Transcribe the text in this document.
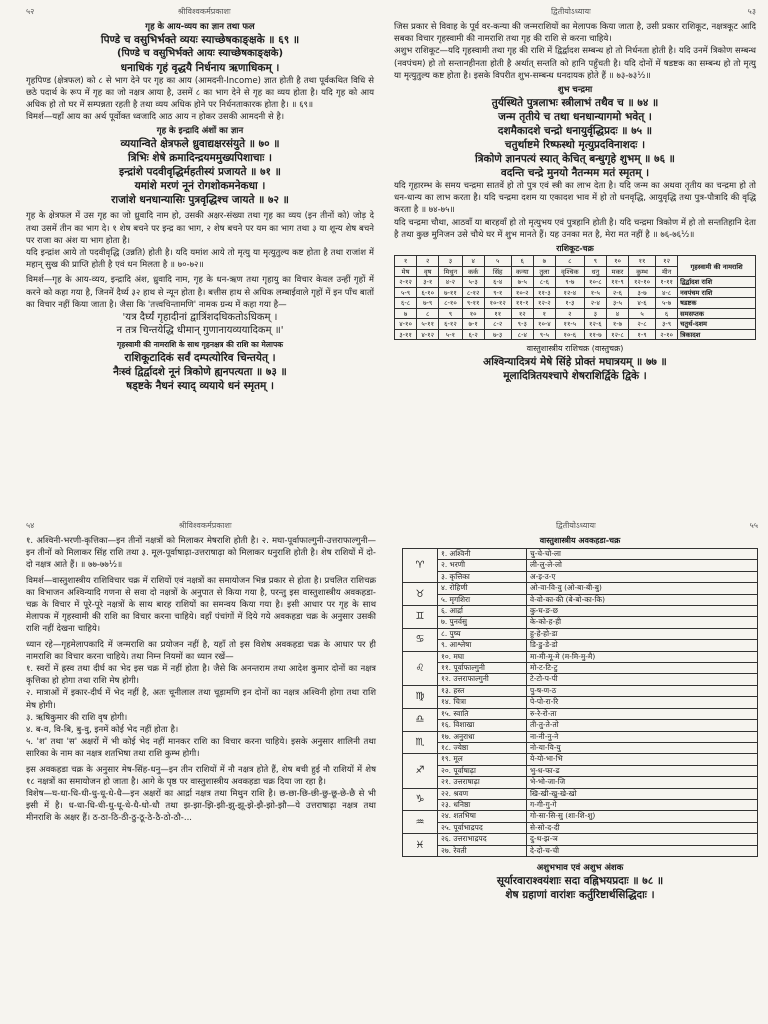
५२	श्रीविश्वकर्मप्रकाशः
गृह के आय-व्यय का ज्ञान तथा फल

पिण्डे च वसुभिर्भक्ते व्ययः स्याच्छेषकाङ्क्षके ॥ ६९ ॥

(पिण्डे च वसुभिर्भक्ते आयः स्याच्छेषकाङ्क्षके)

धनाधिकं गृहं वृद्धयै निर्धनाय ऋणाधिकम् ।

गृहपिण्ड (क्षेत्रफल) को ८ से भाग देने पर गृह का आय (आमदनी-Income) ज्ञात होती है तथा पूर्वकथित विधि से छठे पदार्थ के रूप में गृह का जो नक्षत्र आया है, उसमें ८ का भाग देने से गृह का व्यय होता है। यदि गृह को आय अधिक हो तो घर में सम्पन्नता रहती है तथा व्यय अधिक होने पर निर्धनताकारक होता है। ॥ ६९॥

विमर्श—यहाँ आय का अर्थ पूर्वोक्त ध्वजादि आठ आय न होकर उसकी आमदनी से है।

गृह के इन्द्रादि अंशों का ज्ञान

व्ययान्विते क्षेत्रफले ध्रुवाद्यक्षरसंयुते ॥ ७० ॥

त्रिभिः शेषे क्रमादिन्द्रयममुख्यपिशाचाः ।

इन्द्रांशे पदवीवृद्धिर्महतीस्यं प्रजायते ॥ ७१ ॥

यमांशे मरणं नूनं रोगशोकमनेकधा ।

राजांशे धनधान्यासिः पुत्रवृद्धिश्च जायते ॥ ७२ ॥

गृह के क्षेत्रफल में उस गृह का जो ध्रुवादि नाम हो, उसकी अक्षर-संख्या तथा गृह का व्यय (इन तीनों को) जोड़ दे तथा उसमें तीन का भाग दे। १ शेष बचने पर इन्द्र का भाग, २ शेष बचने पर यम का भाग तथा ३ या शून्य शेष बचने पर राजा का अंश या भाग होता है।

यदि इन्द्रांश आये तो पदवीवृद्धि (उन्नति) होती है। यदि यमांश आये तो मृत्यु या मृत्युतुल्य कष्ट होता है तथा राजांश में महान् सुख की प्राप्ति होती है एवं धन मिलता है ॥ ७०-७२॥

विमर्श—गृह के आय-व्यय, इन्द्रादि अंश, ध्रुवादि नाम, गृह के धन-ऋण तथा गृहायु का विचार केवल उन्हीं गृहों में करने को कहा गया है, जिनमें दैर्घ्य ३२ हाथ से न्यून होता है। बत्तीस हाथ से अधिक लम्बाईवाले गृहों में इन पाँच बातों का विचार नहीं किया जाता है। जैसा कि 'तत्त्वचिन्तामणि' नामक ग्रन्थ में कहा गया है—

'यत्र दैर्घ्यं गृहादीनां द्वात्रिंशदधिकतोऽधिकम् ।

न तत्र चिन्तयेद्धि धीमान् गुणानायव्ययादिकम् ॥'

गृहस्वामी की नामराशि के साथ गृहनक्षत्र की राशि का मेलापक

राशिकूटादिकं सर्वं दम्पत्योरिव चिन्तयेत् ।

नैःस्वं द्विर्द्वादशे नूनं त्रिकोणे ह्यनपत्यता ॥ ७३ ॥

षड्ष्टके नैधनं स्याद् व्ययाये धनं स्मृतम् ।

द्वितीयोऽध्यायः	५३

जिस प्रकार से विवाह के पूर्व वर-कन्या की जन्मराशियों का मेलापक किया जाता है, उसी प्रकार राशिकूट, नक्षत्रकूट आदि सबका विचार गृहस्वामी की नामराशि तथा गृह की राशि से करना चाहिये।

अशुभ राशिकूट—यदि गृहस्वामी तथा गृह की राशि में द्विर्द्वादश सम्बन्ध हो तो निर्धनता होती है। यदि उनमें त्रिकोण सम्बन्ध (नवपंचम) हो तो सन्तानहीनता होती है अर्थात् सन्तति को हानि पहुँचती है। यदि दोनों में षडष्टक का सम्बन्ध हो तो मृत्यु या मृत्युतुल्य कष्ट होता है। इसके विपरीत शुभ-सम्बन्ध धनदायक होते हैं ॥ ७३-७३½॥

शुभ चन्द्रमा

तुर्यस्थिते पुत्रलाभः स्त्रीलाभं तथैव च ॥ ७४ ॥

जन्म तृतीये च तथा धनधान्यागमो भवेत् ।

दशमैकादशे चन्द्रो धनायुर्वृद्धिप्रदः ॥ ७५ ॥

चतुर्थाष्टमे रिष्फस्थो मृत्युप्रदविनाशदः ।

त्रिकोणे ज्ञानपत्यं स्यात् केचित् बन्धुगृहे शुभम् ॥ ७६ ॥

वदन्ति चन्द्रे मुनयो नैतन्मम मतं स्मृतम् ।

यदि गृहारम्भ के समय चन्द्रमा सातवें हो तो पुत्र एवं स्त्री का लाभ देता है। यदि जन्म का अथवा तृतीय का चन्द्रमा हो तो धन-धान्य का लाभ करता है। यदि चन्द्रमा दशम या एकादश भाव में हो तो धनवृद्धि, आयुवृद्धि तथा पुत्र-पौत्रादि की वृद्धि करता है ॥ ७४-७५॥

यदि चन्द्रमा चौथा, आठवाँ या बारहवाँ हो तो मृत्युभय एवं पुत्रहानि होती है। यदि चन्द्रमा त्रिकोण में हो तो सन्ततिहानि देता है तथा कुछ मुनिजन उसे चौथे घर में शुभ मानते हैं। यह उनका मत है, मेरा मत नहीं है ॥ ७६-७६½॥

राशिकूट-चक्र
१	२	३	४	५	६	७	८	९	१०	११	१२	गृहस्वामी की नामराशि
मेष	वृष	मिथुन	कर्क	सिंह	कन्या	तुला	वृश्चिक	धनु	मकर	कुम्भ	मीन	
२-१२	३-१	४-२	५-३	६-४	७-५	८-६	९-७	१०-८	११-९	१२-१०	१-११	द्विर्द्वादश राशि
५-९	६-१०	७-११	८-१२	९-१	१०-२	११-३	१२-४	१-५	२-६	३-७	४-८	नवपंचम राशि
६-८	७-९	८-१०	९-११	१०-१२	११-१	१२-२	१-३	२-४	३-५	४-६	५-७	षडष्टक
७	८	९	१०	११	१२	१	२	३	४	५	६	समसप्तक
४-१०	५-११	६-१२	७-१	८-२	९-३	१०-४	११-५	१२-६	१-७	२-८	३-९	चतुर्थ-दशम
३-११	४-१२	५-१	६-२	७-३	८-४	९-५	१०-६	११-७	१२-८	१-९	२-१०	त्रिकादश
वास्तुशास्त्रीय राशिचक्र (वास्तुचक्र)

अश्विन्यादित्रयं मेषे सिंहे प्रोक्तं मघात्रयम् ॥ ७७ ॥

मूलादित्रितयश्चापे शेषराशिर्द्विके द्विके ।

५४	श्रीविश्वकर्मप्रकाशः

१. अश्विनी-भरणी-कृत्तिका—इन तीनों नक्षत्रों को मिलाकर मेषराशि होती है। २. मघा-पूर्वाफाल्गुनी-उत्तराफाल्गुनी—इन तीनों को मिलाकर सिंह राशि तथा ३. मूल-पूर्वाषाढ़ा-उत्तराषाढ़ा को मिलाकर धनुराशि होती है। शेष राशियों में दो-दो नक्षत्र आते हैं। ॥ ७७-७७½॥

विमर्श—वास्तुशास्त्रीय राशिविचार चक्र में राशियों एवं नक्षत्रों का समायोजन भिन्न प्रकार से होता है। प्रचलित राशिचक्र का विभाजन अश्विन्यादि गणना से सवा दो नक्षत्रों के अनुपात से किया गया है, परन्तु इस वास्तुशास्त्रीय अवकहडा-चक्र के विचार में पूरे-पूरे नक्षत्रों के साथ बारह राशियों का समन्वय किया गया है। इसी आधार पर गृह के साथ मेलापक में गृहस्वामी की राशि का विचार करना चाहिये। वहाँ पंचांगों में दिये गये अवकहडा चक्र के अनुसार उसकी राशि नहीं देखना चाहिये।

ध्यान रहे—गृहमेलापकादि में जन्मराशि का प्रयोजन नहीं है, यहाँ तो इस विशेष अवकहडा चक्र के आधार पर ही नामराशि का विचार करना चाहिये। तथा निम्न नियमों का ध्यान रखें—

१. स्वरों में ह्रस्व तथा दीर्घ का भेद इस चक्र में नहीं होता है। जैसे कि अनन्तराम तथा आदेश कुमार दोनों का नक्षत्र कृत्तिका हो होगा तथा राशि मेष होगी।

२. मात्राओं में इकार-दीर्घ में भेद नहीं है, अतः चूनीलाल तथा चूड़ामणि इन दोनों का नक्षत्र अश्विनी होगा तथा राशि मेष होगी।

३. ऋषिकुमार की राशि वृष होगी।

४. ब-व, वि-बि, बु-वु, इनमें कोई भेद नहीं होता है।

५. 'श' तथा 'स' अक्षरों में भी कोई भेद नहीं मानकर राशि का विचार करना चाहिये। इसके अनुसार शालिनी तथा सारिका के नाम का नक्षत्र शतभिषा तथा राशि कुम्भ होगी।

इस अवकहडा चक्र के अनुसार मेष-सिंह-धनु—इन तीन राशियों में नौ नक्षत्र होते हैं, शेष बची हुई नौ राशियों में शेष १८ नक्षत्रों का समायोजन हो जाता है। आगे के पृष्ठ पर वास्तुशास्त्रीय अवकहडा चक्र दिया जा रहा है।

विशेष—घ-धा-धि-धी-धु-धू-धे-धै—इन अक्षरों का आर्द्रा नक्षत्र तथा मिथुन राशि है। छ-छा-छि-छी-छु-छू-छे-छै से भी इसी में है। ध-धा-धि-धी-धु-धू-धे-धै-धो-धौ तथा झ-झा-झि-झी-झु-झू-झे-झै-झो-झौ—ये उत्तराषाढ़ा नक्षत्र तथा मीनराशि के अक्षर हैं। ठ-ठा-ठि-ठी-ठु-ठू-ठे-ठै-ठो-ठौ-...

द्वितीयोऽध्यायः	५५
वास्तुशास्त्रीय अवकहडा-चक्र
♈	१. अश्विनी	चु-चे-चो-ला
	२. भरणी	ली-लु-ले-लो
	३. कृत्तिका	अ-इ-उ-ए
♉	४. रोहिणी	ओ-वा-वि-वु (ओ-बा-बी-बु)
	५. मृगशिरा	वे-वो-का-की (बे-बो-का-कि)
♊	६. आर्द्रा	कु-घ-ङ-छ
	७. पुनर्वसु	के-को-ह-ही
♋	८. पुष्य	हु-हे-हो-डा
	९. आश्लेषा	डि-डु-डे-डो
♌	१०. मघा	मा-मी-मू-मे (म-मि-मु-मै)
	११. पूर्वाफाल्गुनी	मो-ट-टि-टु
	१२. उत्तराफाल्गुनी	टे-टो-प-पी
♍	१३. हस्त	पु-ष-ण-ठ
	१४. चित्रा	पे-पो-रा-रि
♎	१५. स्वाति	रु-रे-रो-ता
	१६. विशाखा	ती-तु-ते-तो
♏	१७. अनुराधा	ना-नी-नु-ने
	१८. ज्येष्ठा	नो-या-यि-यु
♐	१९. मूल	ये-यो-भा-भि
	२०. पूर्वाषाढ़ा	भु-ध-फा-ढ
	२१. उत्तराषाढ़ा	भे-भो-जा-जि
♑	२२. श्रवण	खि-खी-खु-खे-खो
	२३. धनिष्ठा	ग-गी-गु-गे
♒	२४. शतभिषा	गो-सा-सि-सु (शा-शि-शु)
	२५. पूर्वाभाद्रपद	से-सो-द-दी
♓	२६. उत्तराभाद्रपद	दु-थ-झ-ञ
	२७. रेवती	दे-दो-च-ची
अशुभभाव एवं अशुभ अंशक

सूर्यारवाराश्वयंशाः सदा वह्निभयप्रदाः ॥ ७८ ॥

शेष ग्रहाणां वारांशः कर्तुरिष्टार्थसिद्धिदाः ।
